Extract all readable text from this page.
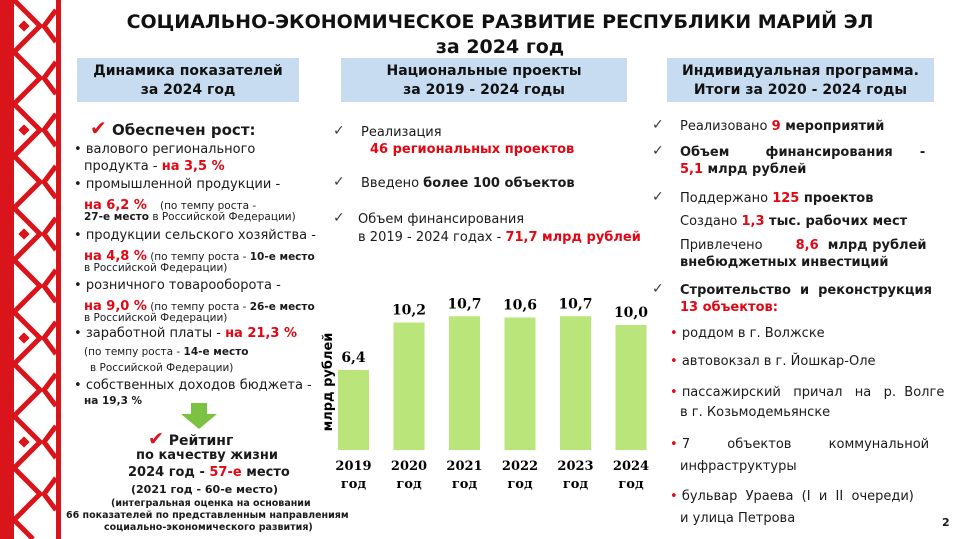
СОЦИАЛЬНО-ЭКОНОМИЧЕСКОЕ РАЗВИТИЕ РЕСПУБЛИКИ МАРИЙ ЭЛ
за 2024 год
Динамика показателей
за 2024 год
Национальные проекты
за 2019 - 2024 годы
Индивидуальная программа.
Итоги за 2020 - 2024 годы
✔ Обеспечен рост:
• валового регионального
продукта - на 3,5 %
• промышленной продукции -
на 6,2 % (по темпу роста -
27-е место в Российской Федерации)
• продукции сельского хозяйства -
на 4,8 % (по темпу роста - 10-е место
в Российской Федерации)
• розничного товарооборота -
на 9,0 % (по темпу роста - 26-е место
в Российской Федерации)
• заработной платы - на 21,3 %
(по темпу роста - 14-е место
в Российской Федерации)
• собственных доходов бюджета -
на 19,3 %
✔ Рейтинг
по качеству жизни
2024 год - 57-е место
(2021 год - 60-е место)
(интегральная оценка на основании
66 показателей по представленным направлениям
социально-экономического развития)
✓ Реализация
46 региональных проектов
✓ Введено более 100 объектов
✓ Объем финансирования
в 2019 - 2024 годах - 71,7 млрд рублей
млрд рублей 6,4
2019
год
10,2
2020
год
10,7
2021
год
10,6
2022
год
10,7
2023
год
10,0
2024
год
✓ Реализовано 9 мероприятий
✓ Объем        финансирования      -
5,1 млрд рублей
✓ Поддержано 125 проектов
Создано 1,3 тыс. рабочих мест
Привлечено        8,6  млрд рублей
внебюджетных инвестиций
✓ Строительство  и  реконструкция
13 объектов:
• роддом в г. Волжске
• автовокзал в г. Йошкар-Оле
• пассажирский   причал   на   р.  Волге
в г. Козьмодемьянске
• 7         объектов         коммунальной
инфраструктуры
• бульвар  Ураева  (I  и  II  очереди)
и улица Петрова	2
